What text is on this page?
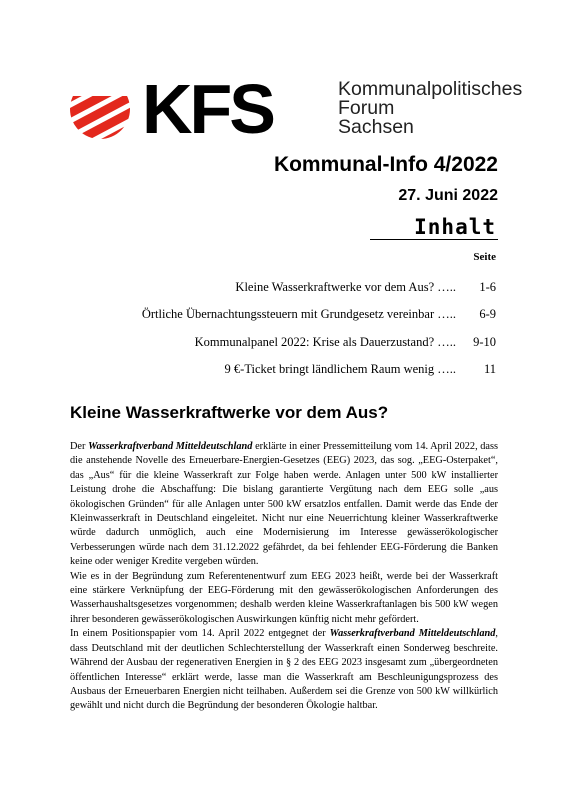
KFS	Kommunalpolitisches
Forum
Sachsen
Kommunal-Info 4/2022
27. Juni 2022
Inhalt
Seite
Kleine Wasserkraftwerke vor dem Aus? ….. 1-6
Örtliche Übernachtungssteuern mit Grundgesetz vereinbar ….. 6-9
Kommunalpanel 2022: Krise als Dauerzustand? ….. 9-10
9 €-Ticket bringt ländlichem Raum wenig ….. 11
Kleine Wasserkraftwerke vor dem Aus?

Der Wasserkraftverband Mitteldeutschland erklärte in einer Pressemitteilung vom 14. April 2022, dass die anstehende Novelle des Erneuerbare-Energien-Gesetzes (EEG) 2023, das sog. „EEG-Osterpaket“, das „Aus“ für die kleine Wasserkraft zur Folge haben werde. Anlagen unter 500 kW installierter Leistung drohe die Abschaffung: Die bislang garantierte Vergütung nach dem EEG solle „aus ökologischen Gründen“ für alle Anlagen unter 500 kW ersatzlos entfallen. Damit werde das Ende der Kleinwasserkraft in Deutschland eingeleitet. Nicht nur eine Neuerrichtung kleiner Wasserkraftwerke würde dadurch unmöglich, auch eine Modernisierung im Interesse gewässerökologischer Verbesserungen würde nach dem 31.12.2022 gefährdet, da bei fehlender EEG-Förderung die Banken keine oder weniger Kredite vergeben würden.

Wie es in der Begründung zum Referentenentwurf zum EEG 2023 heißt, werde bei der Wasserkraft eine stärkere Verknüpfung der EEG-Förderung mit den gewässerökologischen Anforderungen des Wasserhaushaltsgesetzes vorgenommen; deshalb werden kleine Wasserkraftanlagen bis 500 kW wegen ihrer besonderen gewässerökologischen Auswirkungen künftig nicht mehr gefördert.

In einem Positionspapier vom 14. April 2022 entgegnet der Wasserkraftverband Mitteldeutschland, dass Deutschland mit der deutlichen Schlechterstellung der Wasserkraft einen Sonderweg beschreite. Während der Ausbau der regenerativen Energien in § 2 des EEG 2023 insgesamt zum „übergeordneten öffentlichen Interesse“ erklärt werde, lasse man die Wasserkraft am Beschleunigungsprozess des Ausbaus der Erneuerbaren Energien nicht teilhaben. Außerdem sei die Grenze von 500 kW willkürlich gewählt und nicht durch die Begründung der besonderen Ökologie haltbar.
